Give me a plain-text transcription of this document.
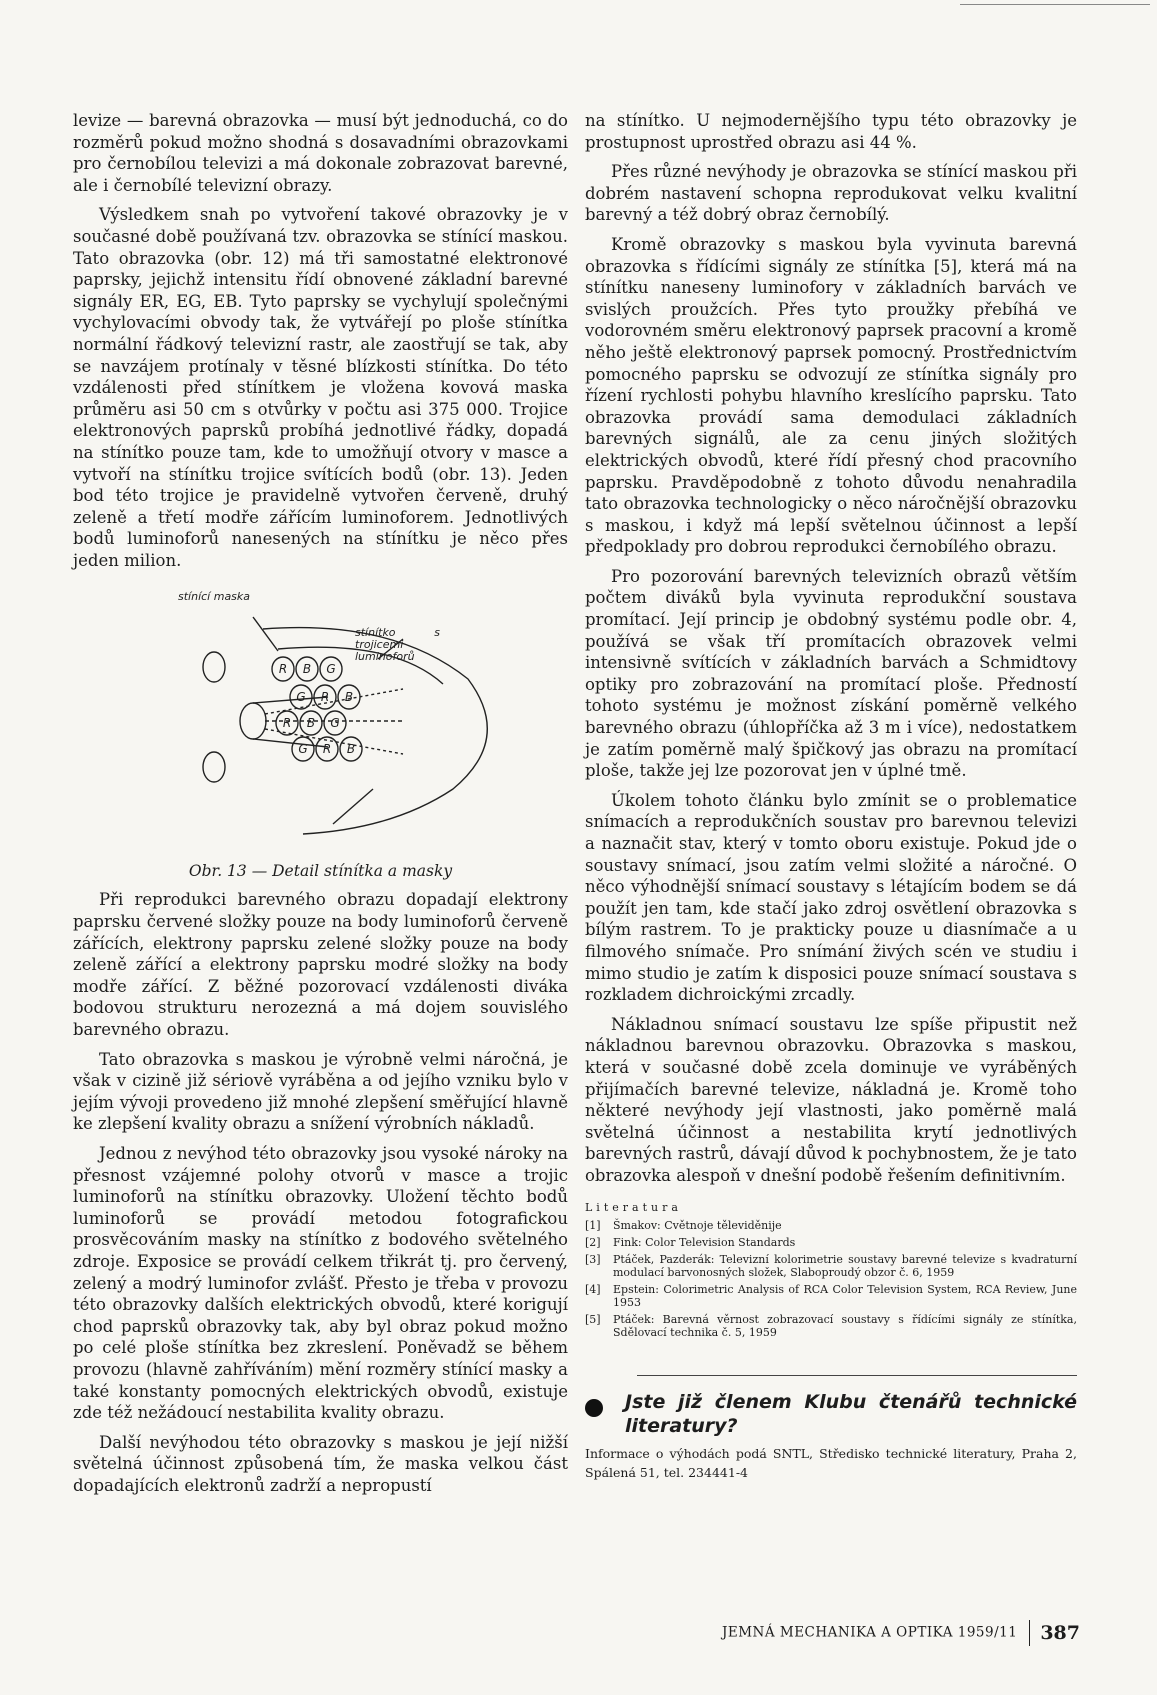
levize — barevná obrazovka — musí být jednoduchá, co do rozměrů pokud možno shodná s dosavadními obrazovkami pro černobílou televizi a má dokonale zobrazovat barevné, ale i černobílé televizní obrazy.

Výsledkem snah po vytvoření takové obrazovky je v současné době používaná tzv. obrazovka se stínící maskou. Tato obrazovka (obr. 12) má tři samostatné elektronové paprsky, jejichž intensitu řídí obnovené základní barevné signály ER, EG, EB. Tyto paprsky se vychylují společnými vychylovacími obvody tak, že vytvářejí po ploše stínítka normální řádkový televizní rastr, ale zaostřují se tak, aby se navzájem protínaly v těsné blízkosti stínítka. Do této vzdálenosti před stínítkem je vložena kovová maska průměru asi 50 cm s otvůrky v počtu asi 375 000. Trojice elektronových paprsků probíhá jednotlivé řádky, dopadá na stínítko pouze tam, kde to umožňují otvory v masce a vytvoří na stínítku trojice svítících bodů (obr. 13). Jeden bod této trojice je pravidelně vytvořen červeně, druhý zeleně a třetí modře zářícím luminoforem. Jednotlivých bodů luminoforů nanesených na stínítku je něco přes jeden milion.

R B G
G R B
R B G
G R B
stínící maska
stínítko s trojicemi luminoforů
Obr. 13 — Detail stínítka a masky

Při reprodukci barevného obrazu dopadají elektrony paprsku červené složky pouze na body luminoforů červeně zářících, elektrony paprsku zelené složky pouze na body zeleně zářící a elektrony paprsku modré složky na body modře zářící. Z běžné pozorovací vzdálenosti diváka bodovou strukturu nerozezná a má dojem souvislého barevného obrazu.

Tato obrazovka s maskou je výrobně velmi náročná, je však v cizině již sériově vyráběna a od jejího vzniku bylo v jejím vývoji provedeno již mnohé zlepšení směřující hlavně ke zlepšení kvality obrazu a snížení výrobních nákladů.

Jednou z nevýhod této obrazovky jsou vysoké nároky na přesnost vzájemné polohy otvorů v masce a trojic luminoforů na stínítku obrazovky. Uložení těchto bodů luminoforů se provádí metodou fotografickou prosvěcováním masky na stínítko z bodového světelného zdroje. Exposice se provádí celkem třikrát tj. pro červený, zelený a modrý luminofor zvlášť. Přesto je třeba v provozu této obrazovky dalších elektrických obvodů, které korigují chod paprsků obrazovky tak, aby byl obraz pokud možno po celé ploše stínítka bez zkreslení. Poněvadž se během provozu (hlavně zahříváním) mění rozměry stínící masky a také konstanty pomocných elektrických obvodů, existuje zde též nežádoucí nestabilita kvality obrazu.

Další nevýhodou této obrazovky s maskou je její nižší světelná účinnost způsobená tím, že maska velkou část dopadajících elektronů zadrží a nepropustí

na stínítko. U nejmodernějšího typu této obrazovky je prostupnost uprostřed obrazu asi 44 %.

Přes různé nevýhody je obrazovka se stínící maskou při dobrém nastavení schopna reprodukovat velku kvalitní barevný a též dobrý obraz černobílý.

Kromě obrazovky s maskou byla vyvinuta barevná obrazovka s řídícími signály ze stínítka [5], která má na stínítku naneseny luminofory v základních barvách ve svislých proužcích. Přes tyto proužky přebíhá ve vodorovném směru elektronový paprsek pracovní a kromě něho ještě elektronový paprsek pomocný. Prostřednictvím pomocného paprsku se odvozují ze stínítka signály pro řízení rychlosti pohybu hlavního kreslícího paprsku. Tato obrazovka provádí sama demodulaci základních barevných signálů, ale za cenu jiných složitých elektrických obvodů, které řídí přesný chod pracovního paprsku. Pravděpodobně z tohoto důvodu nenahradila tato obrazovka technologicky o něco náročnější obrazovku s maskou, i když má lepší světelnou účinnost a lepší předpoklady pro dobrou reprodukci černobílého obrazu.

Pro pozorování barevných televizních obrazů větším počtem diváků byla vyvinuta reprodukční soustava promítací. Její princip je obdobný systému podle obr. 4, používá se však tří promítacích obrazovek velmi intensivně svítících v základních barvách a Schmidtovy optiky pro zobrazování na promítací ploše. Předností tohoto systému je možnost získání poměrně velkého barevného obrazu (úhlopříčka až 3 m i více), nedostatkem je zatím poměrně malý špičkový jas obrazu na promítací ploše, takže jej lze pozorovat jen v úplné tmě.

Úkolem tohoto článku bylo zmínit se o problematice snímacích a reprodukčních soustav pro barevnou televizi a naznačit stav, který v tomto oboru existuje. Pokud jde o soustavy snímací, jsou zatím velmi složité a náročné. O něco výhodnější snímací soustavy s létajícím bodem se dá použít jen tam, kde stačí jako zdroj osvětlení obrazovka s bílým rastrem. To je prakticky pouze u diasnímače a u filmového snímače. Pro snímání živých scén ve studiu i mimo studio je zatím k disposici pouze snímací soustava s rozkladem dichroickými zrcadly.

Nákladnou snímací soustavu lze spíše připustit než nákladnou barevnou obrazovku. Obrazovka s maskou, která v současné době zcela dominuje ve vyráběných přijímačích barevné televize, nákladná je. Kromě toho některé nevýhody její vlastnosti, jako poměrně malá světelná účinnost a nestabilita krytí jednotlivých barevných rastrů, dávají důvod k pochybnostem, že je tato obrazovka alespoň v dnešní podobě řešením definitivním.

Literatura
[1]	Šmakov: Cvětnoje těleviděnije
[2]	Fink: Color Television Standards
[3]	Ptáček, Pazderák: Televizní kolorimetrie soustavy barevné televize s kvadraturní modulací barvonosných složek, Slaboproudý obzor č. 6, 1959
[4]	Epstein: Colorimetric Analysis of RCA Color Television System, RCA Review, June 1953
[5]	Ptáček: Barevná věrnost zobrazovací soustavy s řídícími signály ze stínítka, Sdělovací technika č. 5, 1959
Jste již členem Klubu čtenářů technické literatury?
Informace o výhodách podá SNTL, Středisko technické literatury, Praha 2, Spálená 51, tel. 234441-4
JEMNÁ MECHANIKA A OPTIKA 1959/11 387
